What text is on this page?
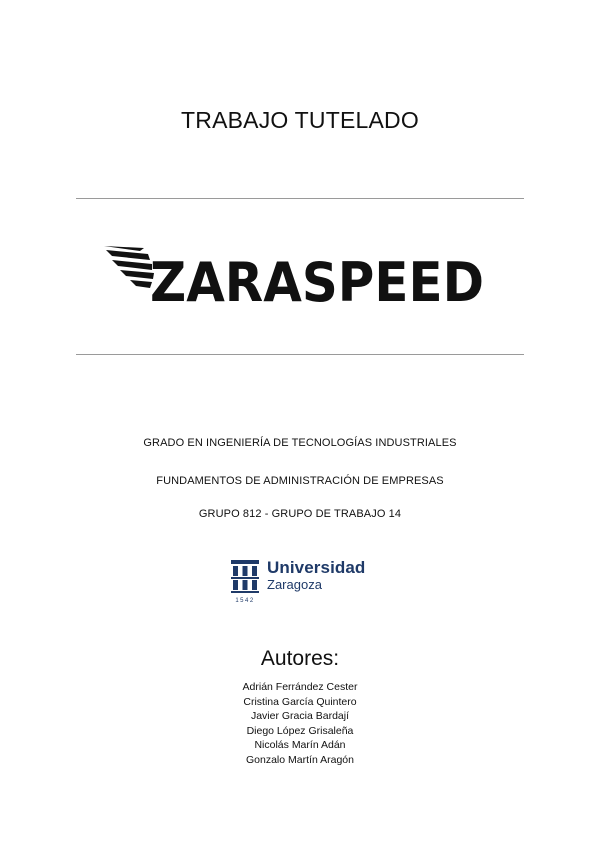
TRABAJO TUTELADO
ZARASPEED
GRADO EN INGENIERÍA DE TECNOLOGÍAS INDUSTRIALES
FUNDAMENTOS DE ADMINISTRACIÓN DE EMPRESAS
GRUPO 812 - GRUPO DE TRABAJO 14
1542
Universidad
Zaragoza
Autores:
Adrián Ferrández Cester
Cristina García Quintero
Javier Gracia Bardají
Diego López Grisaleña
Nicolás Marín Adán
Gonzalo Martín Aragón
